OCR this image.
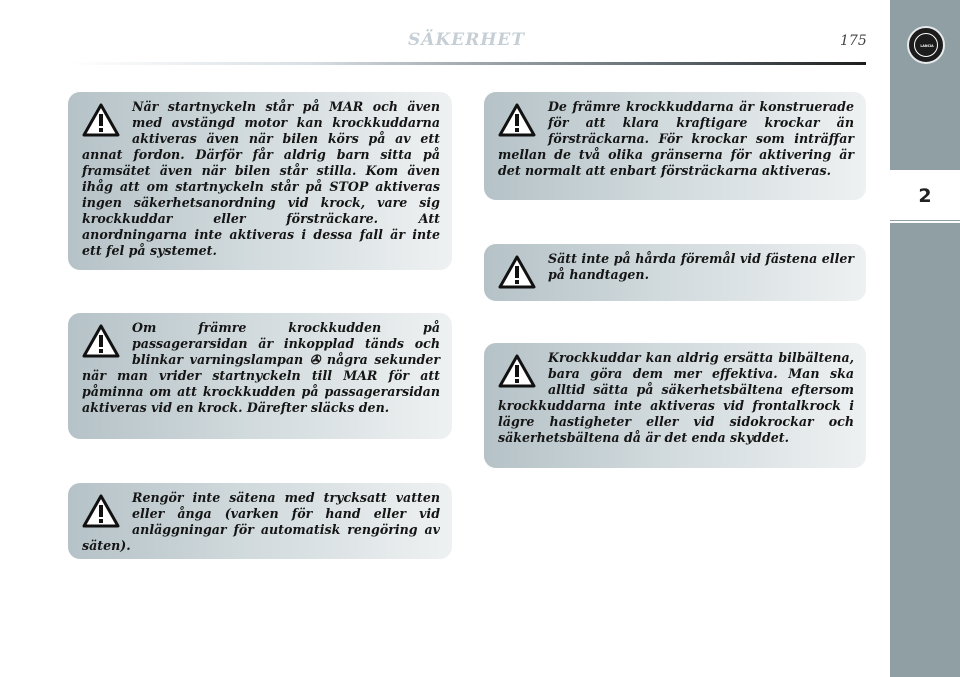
SÄKERHET	175	LANCIA
2
När startnyckeln står på MAR och även med avstängd motor kan krockkuddarna aktiveras även när bilen körs på av ett annat fordon. Därför får aldrig barn sitta på framsätet även när bilen står stilla. Kom även ihåg att om startnyckeln står på STOP aktiveras ingen säkerhetsanordning vid krock, vare sig krockkuddar eller försträckare. Att anordningarna inte aktiveras i dessa fall är inte ett fel på systemet.
Om främre krockkudden på passagerarsidan är inkopplad tänds och blinkar varningslampan ✇ några sekunder när man vrider startnyckeln till MAR för att påminna om att krockkudden på passagerarsidan aktiveras vid en krock. Därefter släcks den.
Rengör inte sätena med trycksatt vatten eller ånga (varken för hand eller vid anläggningar för automatisk rengöring av säten).
De främre krockkuddarna är konstruerade för att klara kraftigare krockar än försträckarna. För krockar som inträffar mellan de två olika gränserna för aktivering är det normalt att enbart försträckarna aktiveras.
Sätt inte på hårda föremål vid fästena eller på handtagen.
Krockkuddar kan aldrig ersätta bilbältena, bara göra dem mer effektiva. Man ska alltid sätta på säkerhetsbältena eftersom krockkuddarna inte aktiveras vid frontalkrock i lägre hastigheter eller vid sidokrockar och säkerhetsbältena då är det enda skyddet.
